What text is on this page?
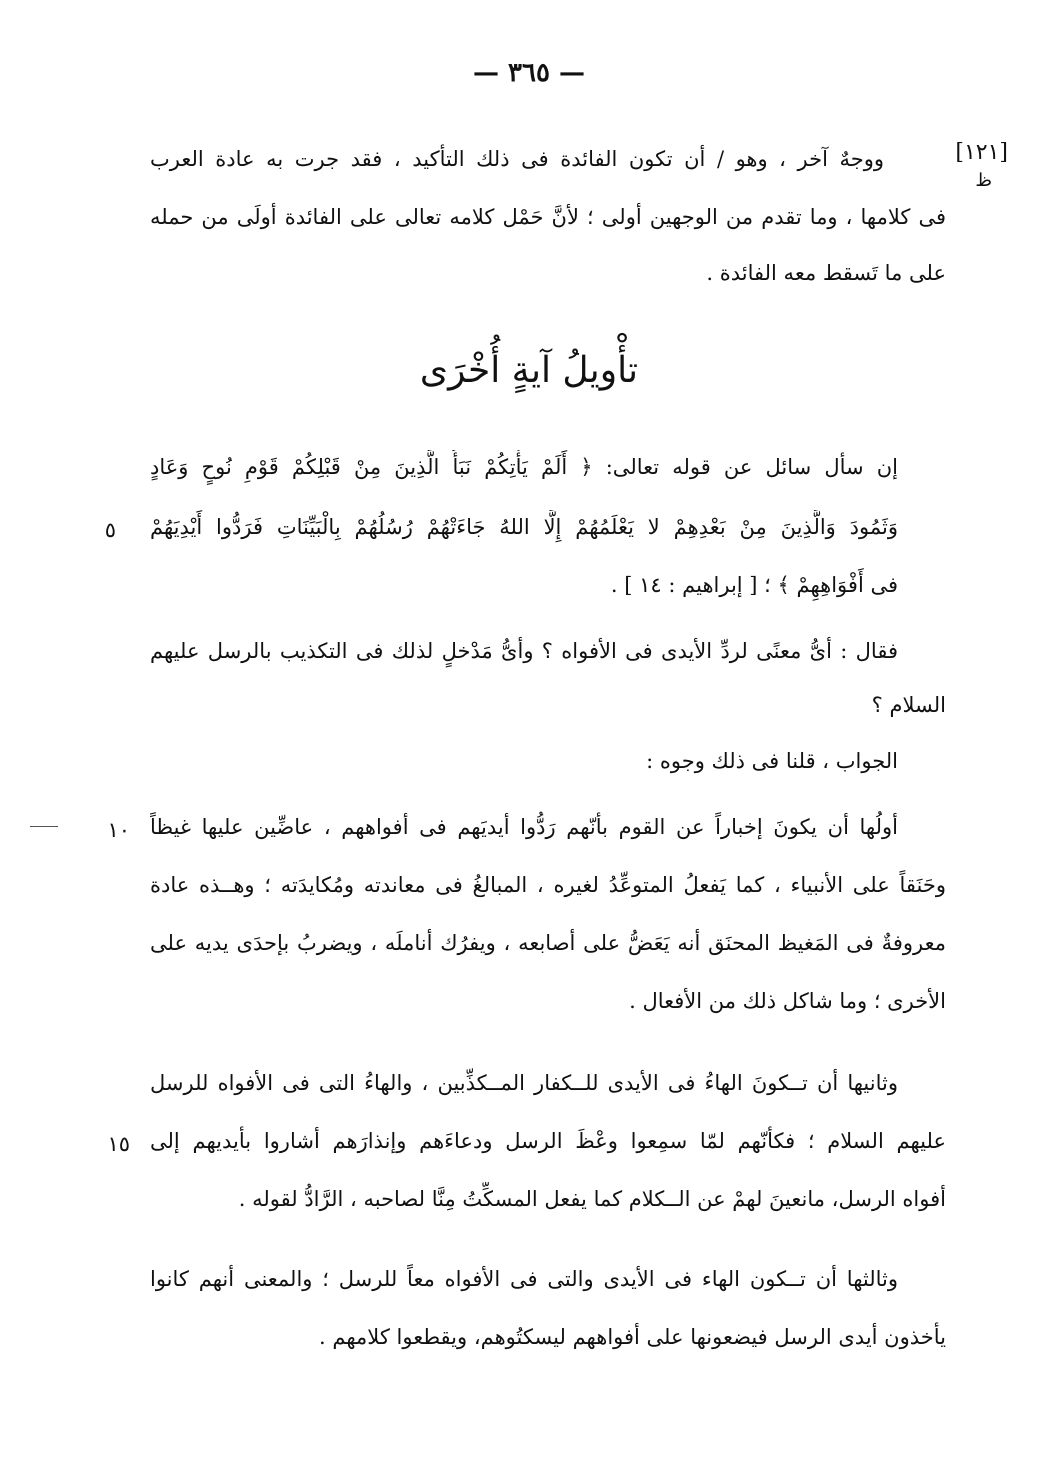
— ٣٦٥ —
[١٢١]
ظ
ووجهٌ آخر ، وهو / أن تكون الفائدة فى ذلك التأكيد ، فقد جرت به عادة العرب
فى كلامها ، وما تقدم من الوجهين أولى ؛ لأنَّ حَمْل كلامه تعالى على الفائدة أولَى من حمله
على ما تَسقط معه الفائدة .
تأْويلُ آيةٍ أُخْرَى
إن سأل سائل عن قوله تعالى: ﴿ أَلَمْ يَأْتِكُمْ نَبَأُ الَّذِينَ مِنْ قَبْلِكُمْ قَوْمِ نُوحٍ وَعَادٍ
وَثَمُودَ وَالَّذِينَ مِنْ بَعْدِهِمْ لا يَعْلَمُهُمْ إِلَّا اللهُ جَاءَتْهُمْ رُسُلُهُمْ بِالْبَيِّنَاتِ فَرَدُّوا أَيْدِيَهُمْ
٥
فى أَفْوَاهِهِمْ ﴾ ؛ [ إبراهيم : ١٤ ] .
فقال : أىُّ معنًى لردِّ الأيدى فى الأفواه ؟ وأىُّ مَدْخلٍ لذلك فى التكذيب بالرسل عليهم
السلام ؟
الجواب ، قلنا فى ذلك وجوه :
أولُها أن يكونَ إخباراً عن القوم بأنّهم رَدُّوا أيديَهم فى أفواههم ، عاضِّين عليها غيظاً
١٠
وحَنَقاً على الأنبياء ، كما يَفعلُ المتوعِّدُ لغيره ، المبالغُ فى معاندته ومُكايدَته ؛ وهــذه عادة
معروفةٌ فى المَغيظ المحنَق أنه يَعَضُّ على أصابعه ، ويفرُك أناملَه ، ويضربُ بإحدَى يديه على
الأخرى ؛ وما شاكل ذلك من الأفعال .
وثانيها أن تــكونَ الهاءُ فى الأيدى للــكفار المــكذِّبين ، والهاءُ التى فى الأفواه للرسل
عليهم السلام ؛ فكأنّهم لمّا سمِعوا وعْظَ الرسل ودعاءَهم وإنذارَهم أشاروا بأيديهم إلى
١٥
أفواه الرسل، مانعينَ لهمْ عن الــكلام كما يفعل المسكِّتُ مِنَّا لصاحبه ، الرَّادُّ لقوله .
وثالثها أن تــكون الهاء فى الأيدى والتى فى الأفواه معاً للرسل ؛ والمعنى أنهم كانوا
يأخذون أيدى الرسل فيضعونها على أفواههم ليسكتُوهم، ويقطعوا كلامهم .
